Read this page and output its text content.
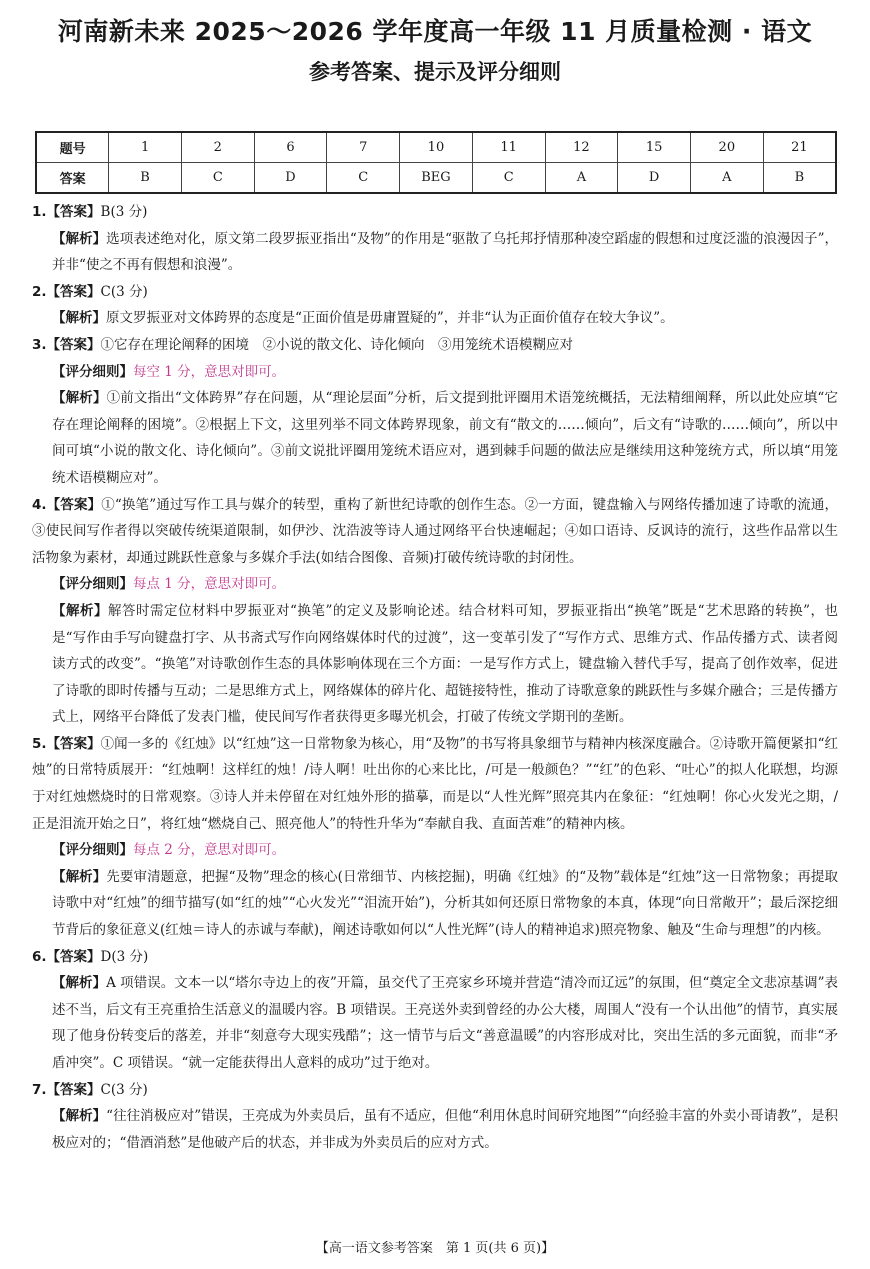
河南新未来 2025～2026 学年度高一年级 11 月质量检测 · 语文
参考答案、提示及评分细则
题号	1	2	6	7	10	11	12	15	20	21
答案	B	C	D	C	BEG	C	A	D	A	B

1.【答案】B(3 分)

【解析】选项表述绝对化，原文第二段罗振亚指出“及物”的作用是“驱散了乌托邦抒情那种凌空蹈虚的假想和过度泛滥的浪漫因子”，并非“使之不再有假想和浪漫”。

2.【答案】C(3 分)

【解析】原文罗振亚对文体跨界的态度是“正面价值是毋庸置疑的”，并非“认为正面价值存在较大争议”。

3.【答案】①它存在理论阐释的困境　②小说的散文化、诗化倾向　③用笼统术语模糊应对

【评分细则】每空 1 分，意思对即可。

【解析】①前文指出“文体跨界”存在问题，从“理论层面”分析，后文提到批评圈用术语笼统概括，无法精细阐释，所以此处应填“它存在理论阐释的困境”。②根据上下文，这里列举不同文体跨界现象，前文有“散文的……倾向”，后文有“诗歌的……倾向”，所以中间可填“小说的散文化、诗化倾向”。③前文说批评圈用笼统术语应对，遇到棘手问题的做法应是继续用这种笼统方式，所以填“用笼统术语模糊应对”。

4.【答案】①“换笔”通过写作工具与媒介的转型，重构了新世纪诗歌的创作生态。②一方面，键盘输入与网络传播加速了诗歌的流通，③使民间写作者得以突破传统渠道限制，如伊沙、沈浩波等诗人通过网络平台快速崛起；④如口语诗、反讽诗的流行，这些作品常以生活物象为素材，却通过跳跃性意象与多媒介手法(如结合图像、音频)打破传统诗歌的封闭性。

【评分细则】每点 1 分，意思对即可。

【解析】解答时需定位材料中罗振亚对“换笔”的定义及影响论述。结合材料可知，罗振亚指出“换笔”既是“艺术思路的转换”，也是“写作由手写向键盘打字、从书斋式写作向网络媒体时代的过渡”，这一变革引发了“写作方式、思维方式、作品传播方式、读者阅读方式的改变”。“换笔”对诗歌创作生态的具体影响体现在三个方面：一是写作方式上，键盘输入替代手写，提高了创作效率，促进了诗歌的即时传播与互动；二是思维方式上，网络媒体的碎片化、超链接特性，推动了诗歌意象的跳跃性与多媒介融合；三是传播方式上，网络平台降低了发表门槛，使民间写作者获得更多曝光机会，打破了传统文学期刊的垄断。

5.【答案】①闻一多的《红烛》以“红烛”这一日常物象为核心，用“及物”的书写将具象细节与精神内核深度融合。②诗歌开篇便紧扣“红烛”的日常特质展开：“红烛啊！这样红的烛！/诗人啊！吐出你的心来比比，/可是一般颜色？”“红”的色彩、“吐心”的拟人化联想，均源于对红烛燃烧时的日常观察。③诗人并未停留在对红烛外形的描摹，而是以“人性光辉”照亮其内在象征：“红烛啊！你心火发光之期，/正是泪流开始之日”，将红烛“燃烧自己、照亮他人”的特性升华为“奉献自我、直面苦难”的精神内核。

【评分细则】每点 2 分，意思对即可。

【解析】先要审清题意，把握“及物”理念的核心(日常细节、内核挖掘)，明确《红烛》的“及物”载体是“红烛”这一日常物象；再提取诗歌中对“红烛”的细节描写(如“红的烛”“心火发光”“泪流开始”)，分析其如何还原日常物象的本真，体现“向日常敞开”；最后深挖细节背后的象征意义(红烛＝诗人的赤诚与奉献)，阐述诗歌如何以“人性光辉”(诗人的精神追求)照亮物象、触及“生命与理想”的内核。

6.【答案】D(3 分)

【解析】A 项错误。文本一以“塔尔寺边上的夜”开篇，虽交代了王亮家乡环境并营造“清冷而辽远”的氛围，但“奠定全文悲凉基调”表述不当，后文有王亮重拾生活意义的温暖内容。B 项错误。王亮送外卖到曾经的办公大楼，周围人“没有一个认出他”的情节，真实展现了他身份转变后的落差，并非“刻意夸大现实残酷”；这一情节与后文“善意温暖”的内容形成对比，突出生活的多元面貌，而非“矛盾冲突”。C 项错误。“就一定能获得出人意料的成功”过于绝对。

7.【答案】C(3 分)

【解析】“往往消极应对”错误，王亮成为外卖员后，虽有不适应，但他“利用休息时间研究地图”“向经验丰富的外卖小哥请教”，是积极应对的；“借酒消愁”是他破产后的状态，并非成为外卖员后的应对方式。

【高一语文参考答案　第 1 页(共 6 页)】
